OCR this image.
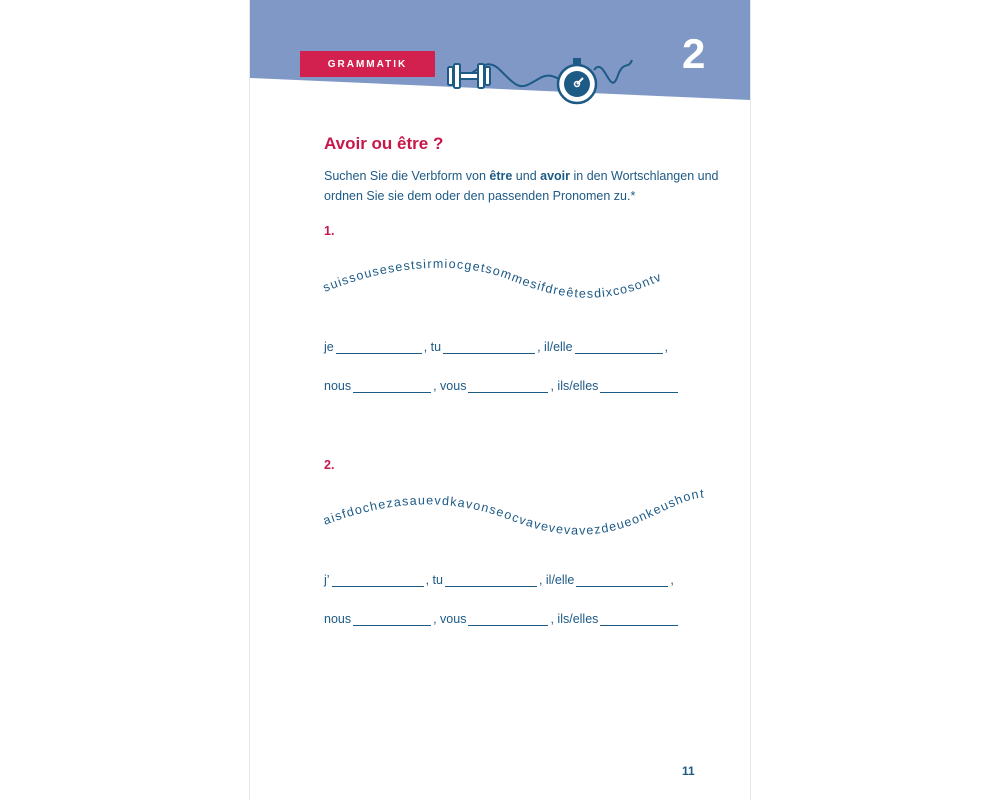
GRAMMATIK	2
Avoir ou être ?
Suchen Sie die Verbform von être und avoir in den Wortschlangen und ordnen Sie sie dem oder den passenden Pronomen zu.*
1.
suissousesestsirmiocgetsommesifdreêtesdixcosontv
je	, tu	, il/elle	,
nous	, vous	, ils/elles
2.
aisfdochezasauevdkavonseocvavevevavezdeueonkeushont
j’	, tu	, il/elle	,
nous	, vous	, ils/elles
11
